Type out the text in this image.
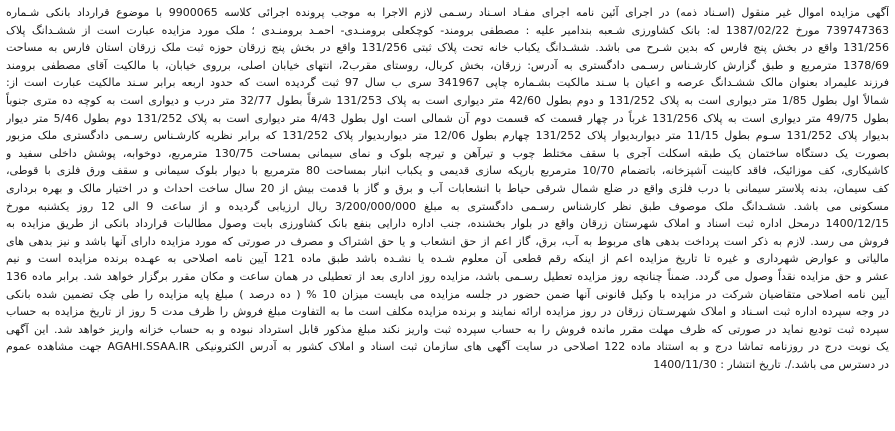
آگهی مزایده اموال غیر منقول (اسـناد ذمه) در اجرای آئین نامه اجرای مفـاد اسـناد رسـمی لازم الاجرا به موجب پرونده اجرائی کلاسه 9900065 با موضوع قرارداد بانکی شـماره
739747363 مورخ 1387/02/22 له: بانک کشاورزی شـعبه بندامیر علیه : مصطفی برومند- کوچکعلی برومنـدی- احمـد برومنـدی ؛ ملک مورد مزایده عبارت است از ششـدانگ پلاک
131/256 واقع در بخش پنج فارس که بدین شـرح می باشد. ششـدانگ یکباب خانه تحت پلاک ثبتی 131/256 واقع در بخش پنج زرقان حوزه ثبت ملک زرقان استان فارس به مساحت
1378/69 مترمربع و طبق گزارش کارشـناس رسـمی دادگستری به آدرس: زرقان، بخش کربال، روستای مقرب2، انتهای خیابان اصلی، برروی خیابان، با مالکیت آقای مصطفی برومند
فرزند علیمراد بعنوان مالک ششـدانگ عرصه و اعیان با سـند مالکیت بشـماره چاپی 341967 سری ب سال 97 ثبت گردیده است که حدود اربعه برابر سـند مالکیت عبارت است از:
شمالاً اول بطول 1/85 متر دیواری است به پلاک 131/252 و دوم بطول 42/60 متر دیواری است به پلاک 131/253 شرقاً بطول 32/77 متر درب و دیواری است به کوچه ده متری جنوباً
بطول 49/75 متر دیواری است به پلاک 131/256 غرباً در چهار قسمت که قسمت دوم آن شمالی است اول بطول 4/43 متر دیواری است به پلاک 131/252 دوم بطول 5/46 متر دیوار
بدیوار پلاک 131/252 سـوم بطول 11/15 متر دیواربدیوار پلاک 131/252 چهارم بطول 12/06 متر دیواربدیوار پلاک 131/252 که برابر نظریه کارشـناس رسـمی دادگستری ملک مزبور
بصورت یک دستگاه ساختمان یک طبقه اسکلت آجری با سقف مختلط چوب و تیرآهن و تیرچه بلوک و نمای سیمانی بمساحت 130/75 مترمربع، دوخوابه، پوشش داخلی سفید و
کاشیکاری، کف موزائیک، فاقد کابینت آشپزخانه، باتضمام 10/70 مترمربع بارپکه سازی قدیمی و یکباب انبار بمساحت 80 مترمربع با دیوار بلوک سیمانی و سقف ورق فلزی با قوطی،
کف سیمان، بدنه پلاستر سیمانی با درب فلزی واقع در ضلع شمال شرقی حیاط با انشعابات آب و برق و گاز با قدمت بیش از 20 سال ساخت احداث و در اختیار مالک و بهره برداری
مسکونی می باشد. ششـدانگ ملک موصوف طبق نظر کارشناس رسـمی دادگستری به مبلغ 3/200/000/000 ریال ارزیابی گردیده و از ساعت 9 الی 12 روز یکشنبه مورخ
1400/12/15 درمحل اداره ثبت اسناد و املاک شهرستان زرقان واقع در بلوار بخشنده، جنب اداره دارایی بنفع بانک کشاورزی بابت وصول مطالبات قرارداد بانکی از طریق مزایده به
فروش می رسد. لازم به ذکر است پرداخت بدهی های مربوط به آب، برق، گاز اعم از حق انشعاب و یا حق اشتراک و مصرف در صورتی که مورد مزایده دارای آنها باشد و نیز بدهی های
مالیاتی و عوارض شهرداری و غیره تا تاریخ مزایده اعم از اینکه رقم قطعی آن معلوم شـده یا نشـده باشد طبق ماده 121 آیین نامه اصلاحی به عهـده برنده مزایده است و نیم
عشر و حق مزایده نقداً وصول می گردد. ضمناً چنانچه روز مزایده تعطیل رسـمی باشد، مزایده روز اداری بعد از تعطیلی در همان ساعت و مکان مقرر برگزار خواهد شد. برابر ماده 136
آیین نامه اصلاحی متقاضیان شرکت در مزایده با وکیل قانونی آنها ضمن حضور در جلسه مزایده می بایست میزان 10 % ( ده درصد ) مبلغ پایه مزایده را طی چک تضمین شده بانکی
در وجه سپرده اداره ثبت اسـناد و املاک شهرسـتان زرقان در روز مزایده ارائه نمایند و برنده مزایده مکلف است ما به التفاوت مبلغ فروش را ظرف مدت 5 روز از تاریخ مزایده به حساب
سپرده ثبت تودیع نماید در صورتی که ظرف مهلت مقرر مانده فروش را به حساب سپرده ثبت واریز نکند مبلغ مذکور قابل استرداد نبوده و به حساب خزانه واریز خواهد شد. این آگهی
یک نوبت درج در روزنامه تماشا درج و به استناد ماده 122 اصلاحی در سایت آگهی های سازمان ثبت اسناد و املاک کشور به آدرس الکترونیکی AGAHI.SSAA.IR جهت مشاهده عموم
در دسترس می باشد./. تاریخ انتشار : 1400/11/30
